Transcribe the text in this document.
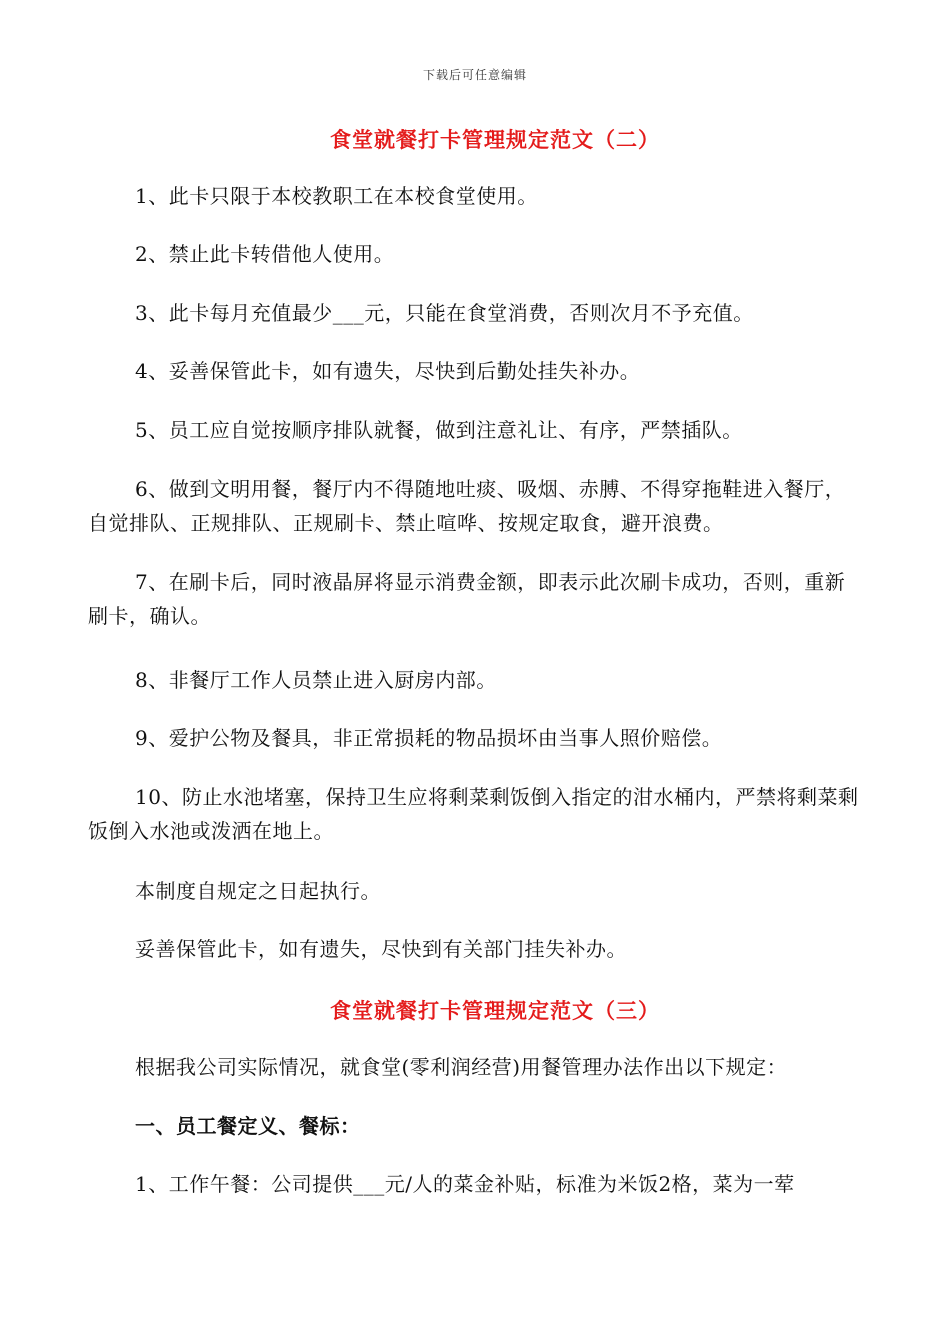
下载后可任意编辑
食堂就餐打卡管理规定范文（二）
1、此卡只限于本校教职工在本校食堂使用。
2、禁止此卡转借他人使用。
3、此卡每月充值最少___元，只能在食堂消费，否则次月不予充值。
4、妥善保管此卡，如有遗失，尽快到后勤处挂失补办。
5、员工应自觉按顺序排队就餐，做到注意礼让、有序，严禁插队。
6、做到文明用餐，餐厅内不得随地吐痰、吸烟、赤膊、不得穿拖鞋进入餐厅，自觉排队、正规排队、正规刷卡、禁止喧哗、按规定取食，避开浪费。
7、在刷卡后，同时液晶屏将显示消费金额，即表示此次刷卡成功，否则，重新刷卡，确认。
8、非餐厅工作人员禁止进入厨房内部。
9、爱护公物及餐具，非正常损耗的物品损坏由当事人照价赔偿。
10、防止水池堵塞，保持卫生应将剩菜剩饭倒入指定的泔水桶内，严禁将剩菜剩饭倒入水池或泼洒在地上。
本制度自规定之日起执行。
妥善保管此卡，如有遗失，尽快到有关部门挂失补办。
食堂就餐打卡管理规定范文（三）
根据我公司实际情况，就食堂(零利润经营)用餐管理办法作出以下规定：
一、员工餐定义、餐标：
1、工作午餐：公司提供___元/人的菜金补贴，标准为米饭2格，菜为一荤
